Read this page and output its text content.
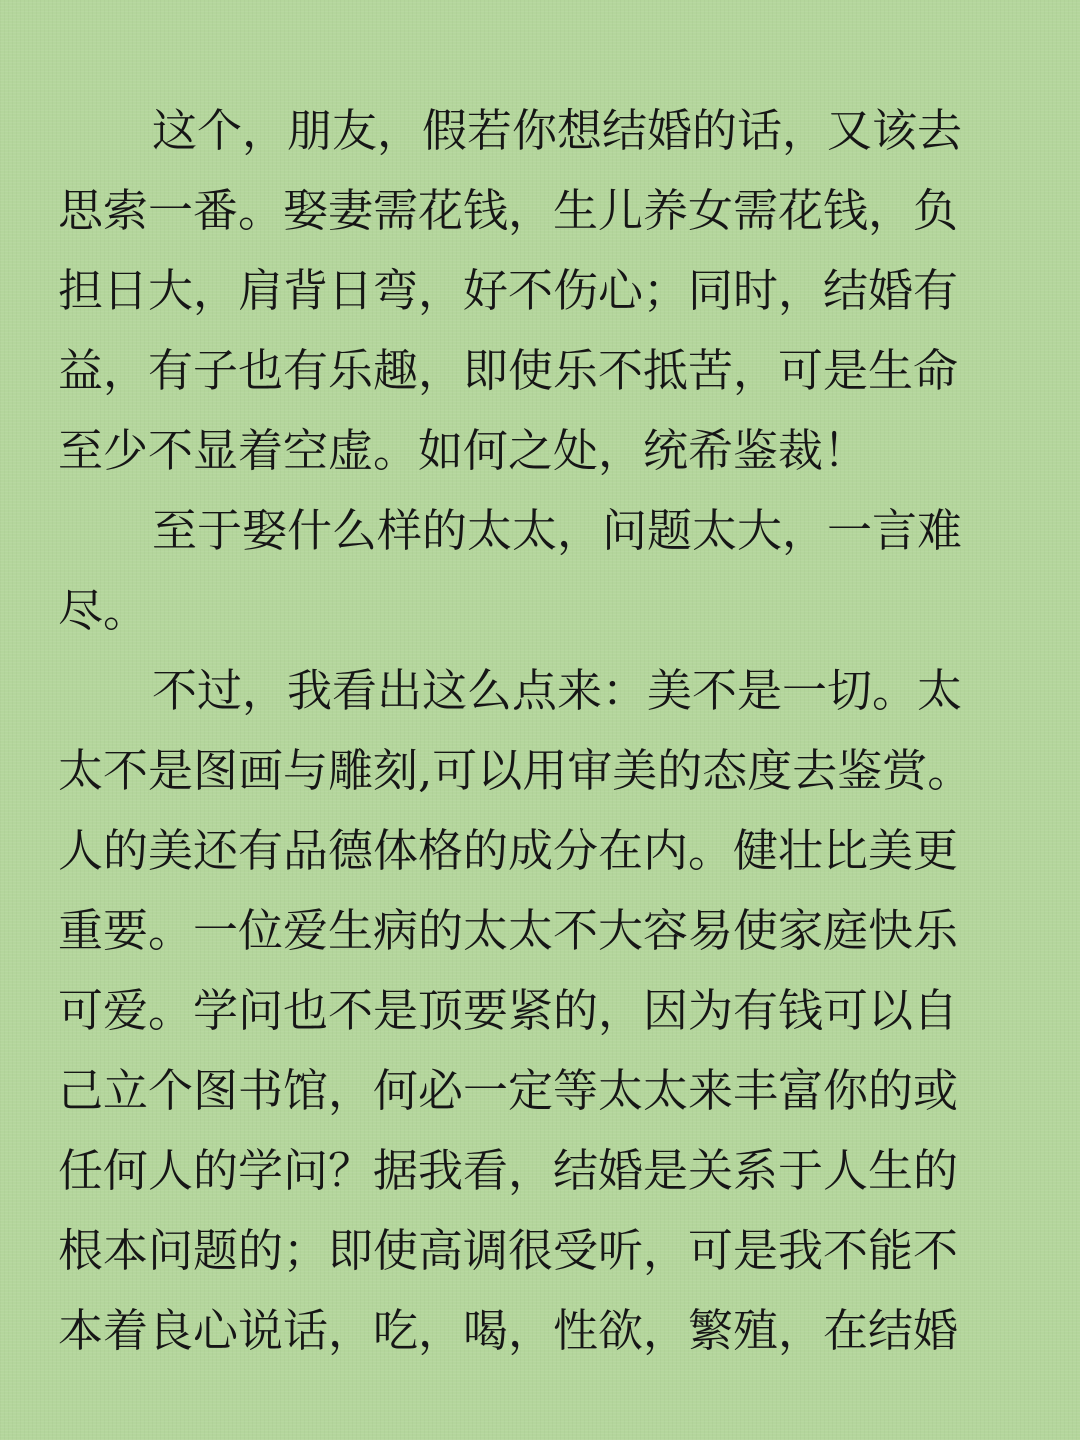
这个，朋友，假若你想结婚的话，又该去
思索一番。娶妻需花钱，生儿养女需花钱，负
担日大，肩背日弯，好不伤心；同时，结婚有
益，有子也有乐趣，即使乐不抵苦，可是生命
至少不显着空虚。如何之处，统希鉴裁！

至于娶什么样的太太，问题太大，一言难
尽。

不过，我看出这么点来：美不是一切。太
太不是图画与雕刻,可以用审美的态度去鉴赏。
人的美还有品德体格的成分在内。健壮比美更
重要。一位爱生病的太太不大容易使家庭快乐
可爱。学问也不是顶要紧的，因为有钱可以自
己立个图书馆，何必一定等太太来丰富你的或
任何人的学问？据我看，结婚是关系于人生的
根本问题的；即使高调很受听，可是我不能不
本着良心说话，吃，喝，性欲，繁殖，在结婚
